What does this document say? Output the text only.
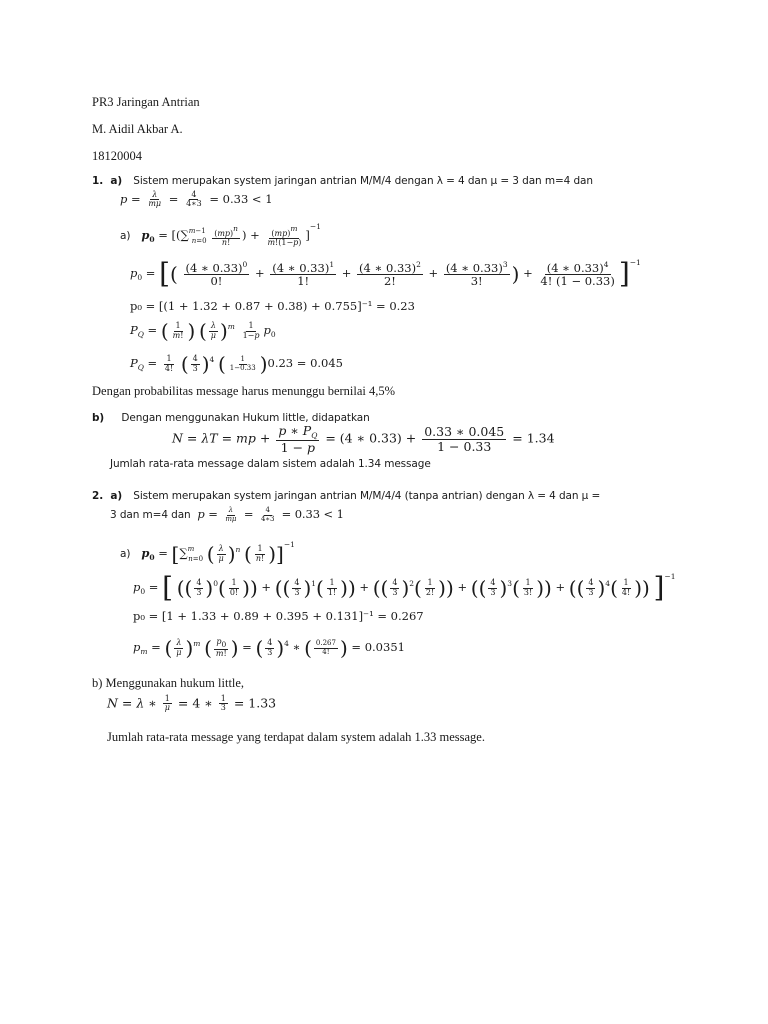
PR3 Jaringan Antrian
M. Aidil Akbar A.
18120004
1. a) Sistem merupakan system jaringan antrian M/M/4 dengan λ = 4 dan μ = 3 dan m=4 dan
$p = \frac{\lambda}{m\mu} = \frac{4}{4∗3} = 0.33 < 1$
a) $p_0 = [(\sum^{m-1}_{n=0} \frac{(mp)^n}{n!}$ ) + $\frac{(mp)^m}{m!(1-p)} ]^{-1}$
$p_0$ = [( $\frac{(4 ∗ 0.33)^0}{0!} + \frac{(4 ∗ 0.33)^1}{1!} + \frac{(4 ∗ 0.33)^2}{2!} + \frac{(4 ∗ 0.33)^3}{3!}$ ) + $\frac{(4 ∗ 0.33)^4}{4! (1 - 0.33)} ]^{-1}$
p₀ = [(1 + 1.32 + 0.87 + 0.38) + 0.755]⁻¹ = 0.23
$P_Q$ = ( $\frac{1}{m!}$ ) ( $\frac{\lambda}{\mu} )^m \frac{1}{1-p} p_0$
$P_Q = \frac{1}{4!}$ ( $\frac{4}{3} )^4$ ( $\frac{1}{1-0.33} )0.23 = 0.045$
Dengan probabilitas message harus menunggu bernilai 4,5%
b) Dengan menggunakan Hukum little, didapatkan
N = λT = mp + $\frac{p ∗ P_Q}{1 - p} = (4$ ∗ $0.33) + \frac{0.33 ∗ 0.045}{1 - 0.33} = 1.34$
Jumlah rata-rata message dalam sistem adalah 1.34 message
2. a) Sistem merupakan system jaringan antrian M/M/4/4 (tanpa antrian) dengan λ = 4 dan μ =
3 dan m=4 dan $p = \frac{\lambda}{m\mu} = \frac{4}{4∗3} = 0.33 < 1$
a) $p_0 = [\sum^m_{n=0}$ ( $\frac{\lambda}{\mu} )^n$ ( $\frac{1}{n!} )]^{-1}$
$p_0$ = [ (( $\frac{4}{3} )^0( \frac{1}{0!}$ )) + (( $\frac{4}{3} )^1( \frac{1}{1!}$ )) + (( $\frac{4}{3} )^2( \frac{1}{2!}$ )) + (( $\frac{4}{3} )^3( \frac{1}{3!}$ )) + (( $\frac{4}{3} )^4( \frac{1}{4!}$ )) ]$^{-1}$
p₀ = [1 + 1.33 + 0.89 + 0.395 + 0.131]⁻¹ = 0.267
$p_m$ = ( $\frac{\lambda}{\mu} )^m$ ( $\frac{p_0}{m!}$ ) = ( $\frac{4}{3} )^4$ ∗ ( $\frac{0.267}{4!}$ ) = 0.0351
b) Menggunakan hukum little,
N = λ ∗ $\frac{1}{\mu} = 4$ ∗ $\frac{1}{3} = 1.33$
Jumlah rata-rata message yang terdapat dalam system adalah 1.33 message.
